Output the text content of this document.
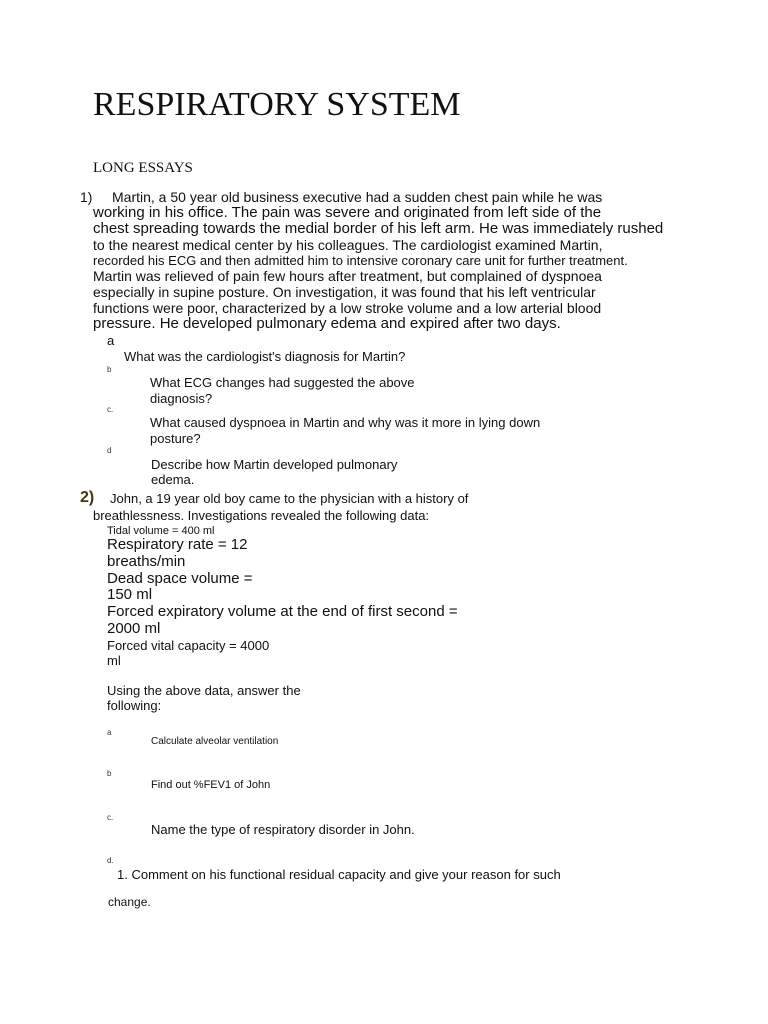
RESPIRATORY SYSTEM
LONG ESSAYS
1) Martin, a 50 year old business executive had a sudden chest pain while he was
working in his office. The pain was severe and originated from left side of the
chest spreading towards the medial border of his left arm. He was immediately rushed
to the nearest medical center by his colleagues. The cardiologist examined Martin,
recorded his ECG and then admitted him to intensive coronary care unit for further treatment.
Martin was relieved of pain few hours after treatment, but complained of dyspnoea
especially in supine posture. On investigation, it was found that his left ventricular
functions were poor, characterized by a low stroke volume and a low arterial blood
pressure. He developed pulmonary edema and expired after two days.
a
What was the cardiologist's diagnosis for Martin?
b
What ECG changes had suggested the above
diagnosis?
c.
What caused dyspnoea in Martin and why was it more in lying down
posture?
d
Describe how Martin developed pulmonary
edema.
2) John, a 19 year old boy came to the physician with a history of
breathlessness. Investigations revealed the following data:
Tidal volume = 400 ml
Respiratory rate = 12
breaths/min
Dead space volume =
150 ml
Forced expiratory volume at the end of first second =
2000 ml
Forced vital capacity = 4000
ml
Using the above data, answer the
following:
a
Calculate alveolar ventilation
b
Find out %FEV1 of John
c.
Name the type of respiratory disorder in John.
d.
1. Comment on his functional residual capacity and give your reason for such
change.
